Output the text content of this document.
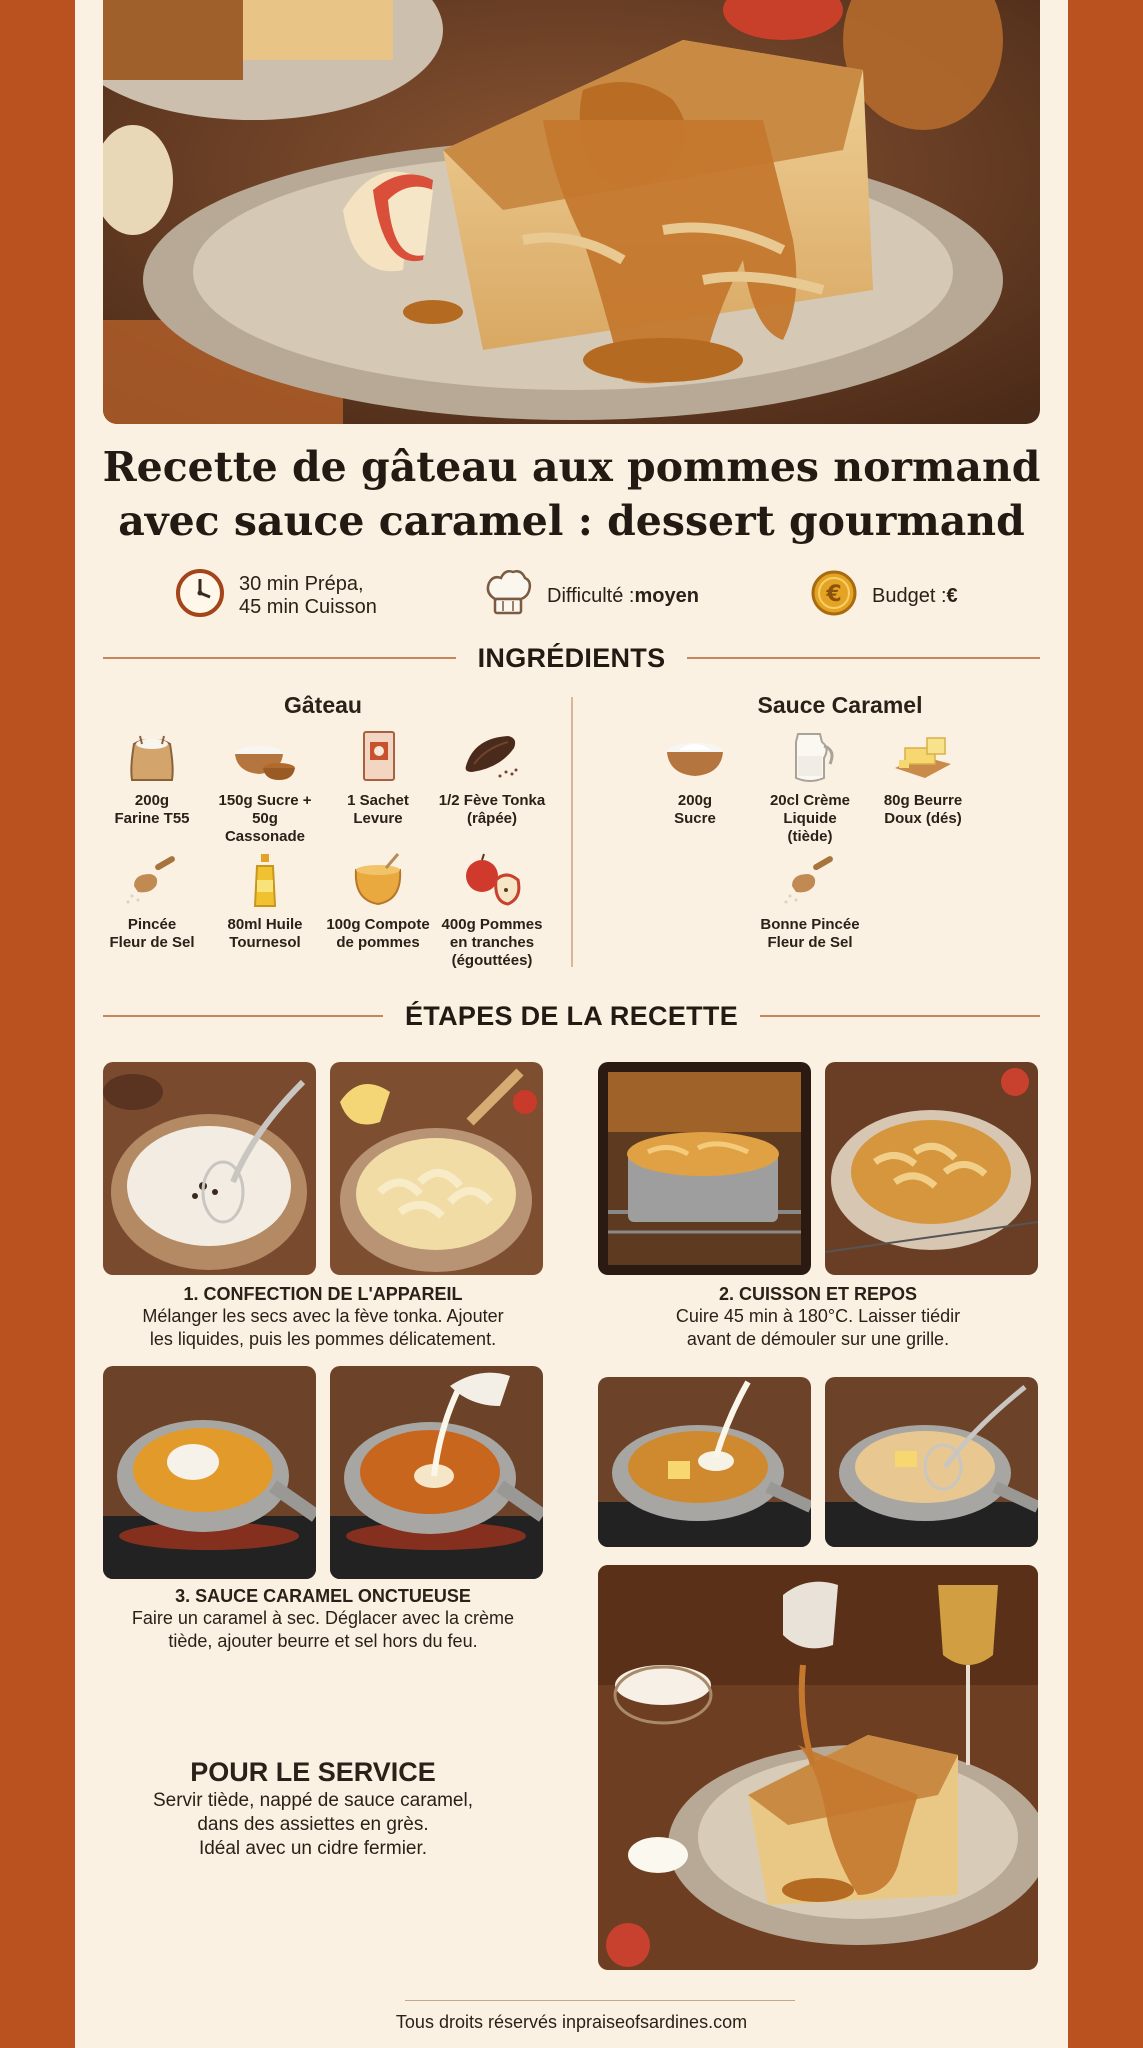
Recette de gâteau aux pommes normand
avec sauce caramel : dessert gourmand
30 min Prépa,
45 min Cuisson
Difficulté : moyen	€ Budget : €
INGRÉDIENTS
Gâteau	Sauce Caramel
200g
Farine T55
150g Sucre +
50g Cassonade
1 Sachet
Levure
1/2 Fève Tonka
(râpée)
Pincée
Fleur de Sel
80ml Huile
Tournesol
100g Compote
de pommes
400g Pommes
en tranches
(égouttées)
200g
Sucre
20cl Crème
Liquide
(tiède)
80g Beurre
Doux (dés)
Bonne Pincée
Fleur de Sel
ÉTAPES DE LA RECETTE
1. CONFECTION DE L'APPAREIL
Mélanger les secs avec la fève tonka. Ajouter
les liquides, puis les pommes délicatement.
2. CUISSON ET REPOS
Cuire 45 min à 180°C. Laisser tiédir
avant de démouler sur une grille.
3. SAUCE CARAMEL ONCTUEUSE
Faire un caramel à sec. Déglacer avec la crème
tiède, ajouter beurre et sel hors du feu.
POUR LE SERVICE
Servir tiède, nappé de sauce caramel,
dans des assiettes en grès.
Idéal avec un cidre fermier.
Tous droits réservés inpraiseofsardines.com
